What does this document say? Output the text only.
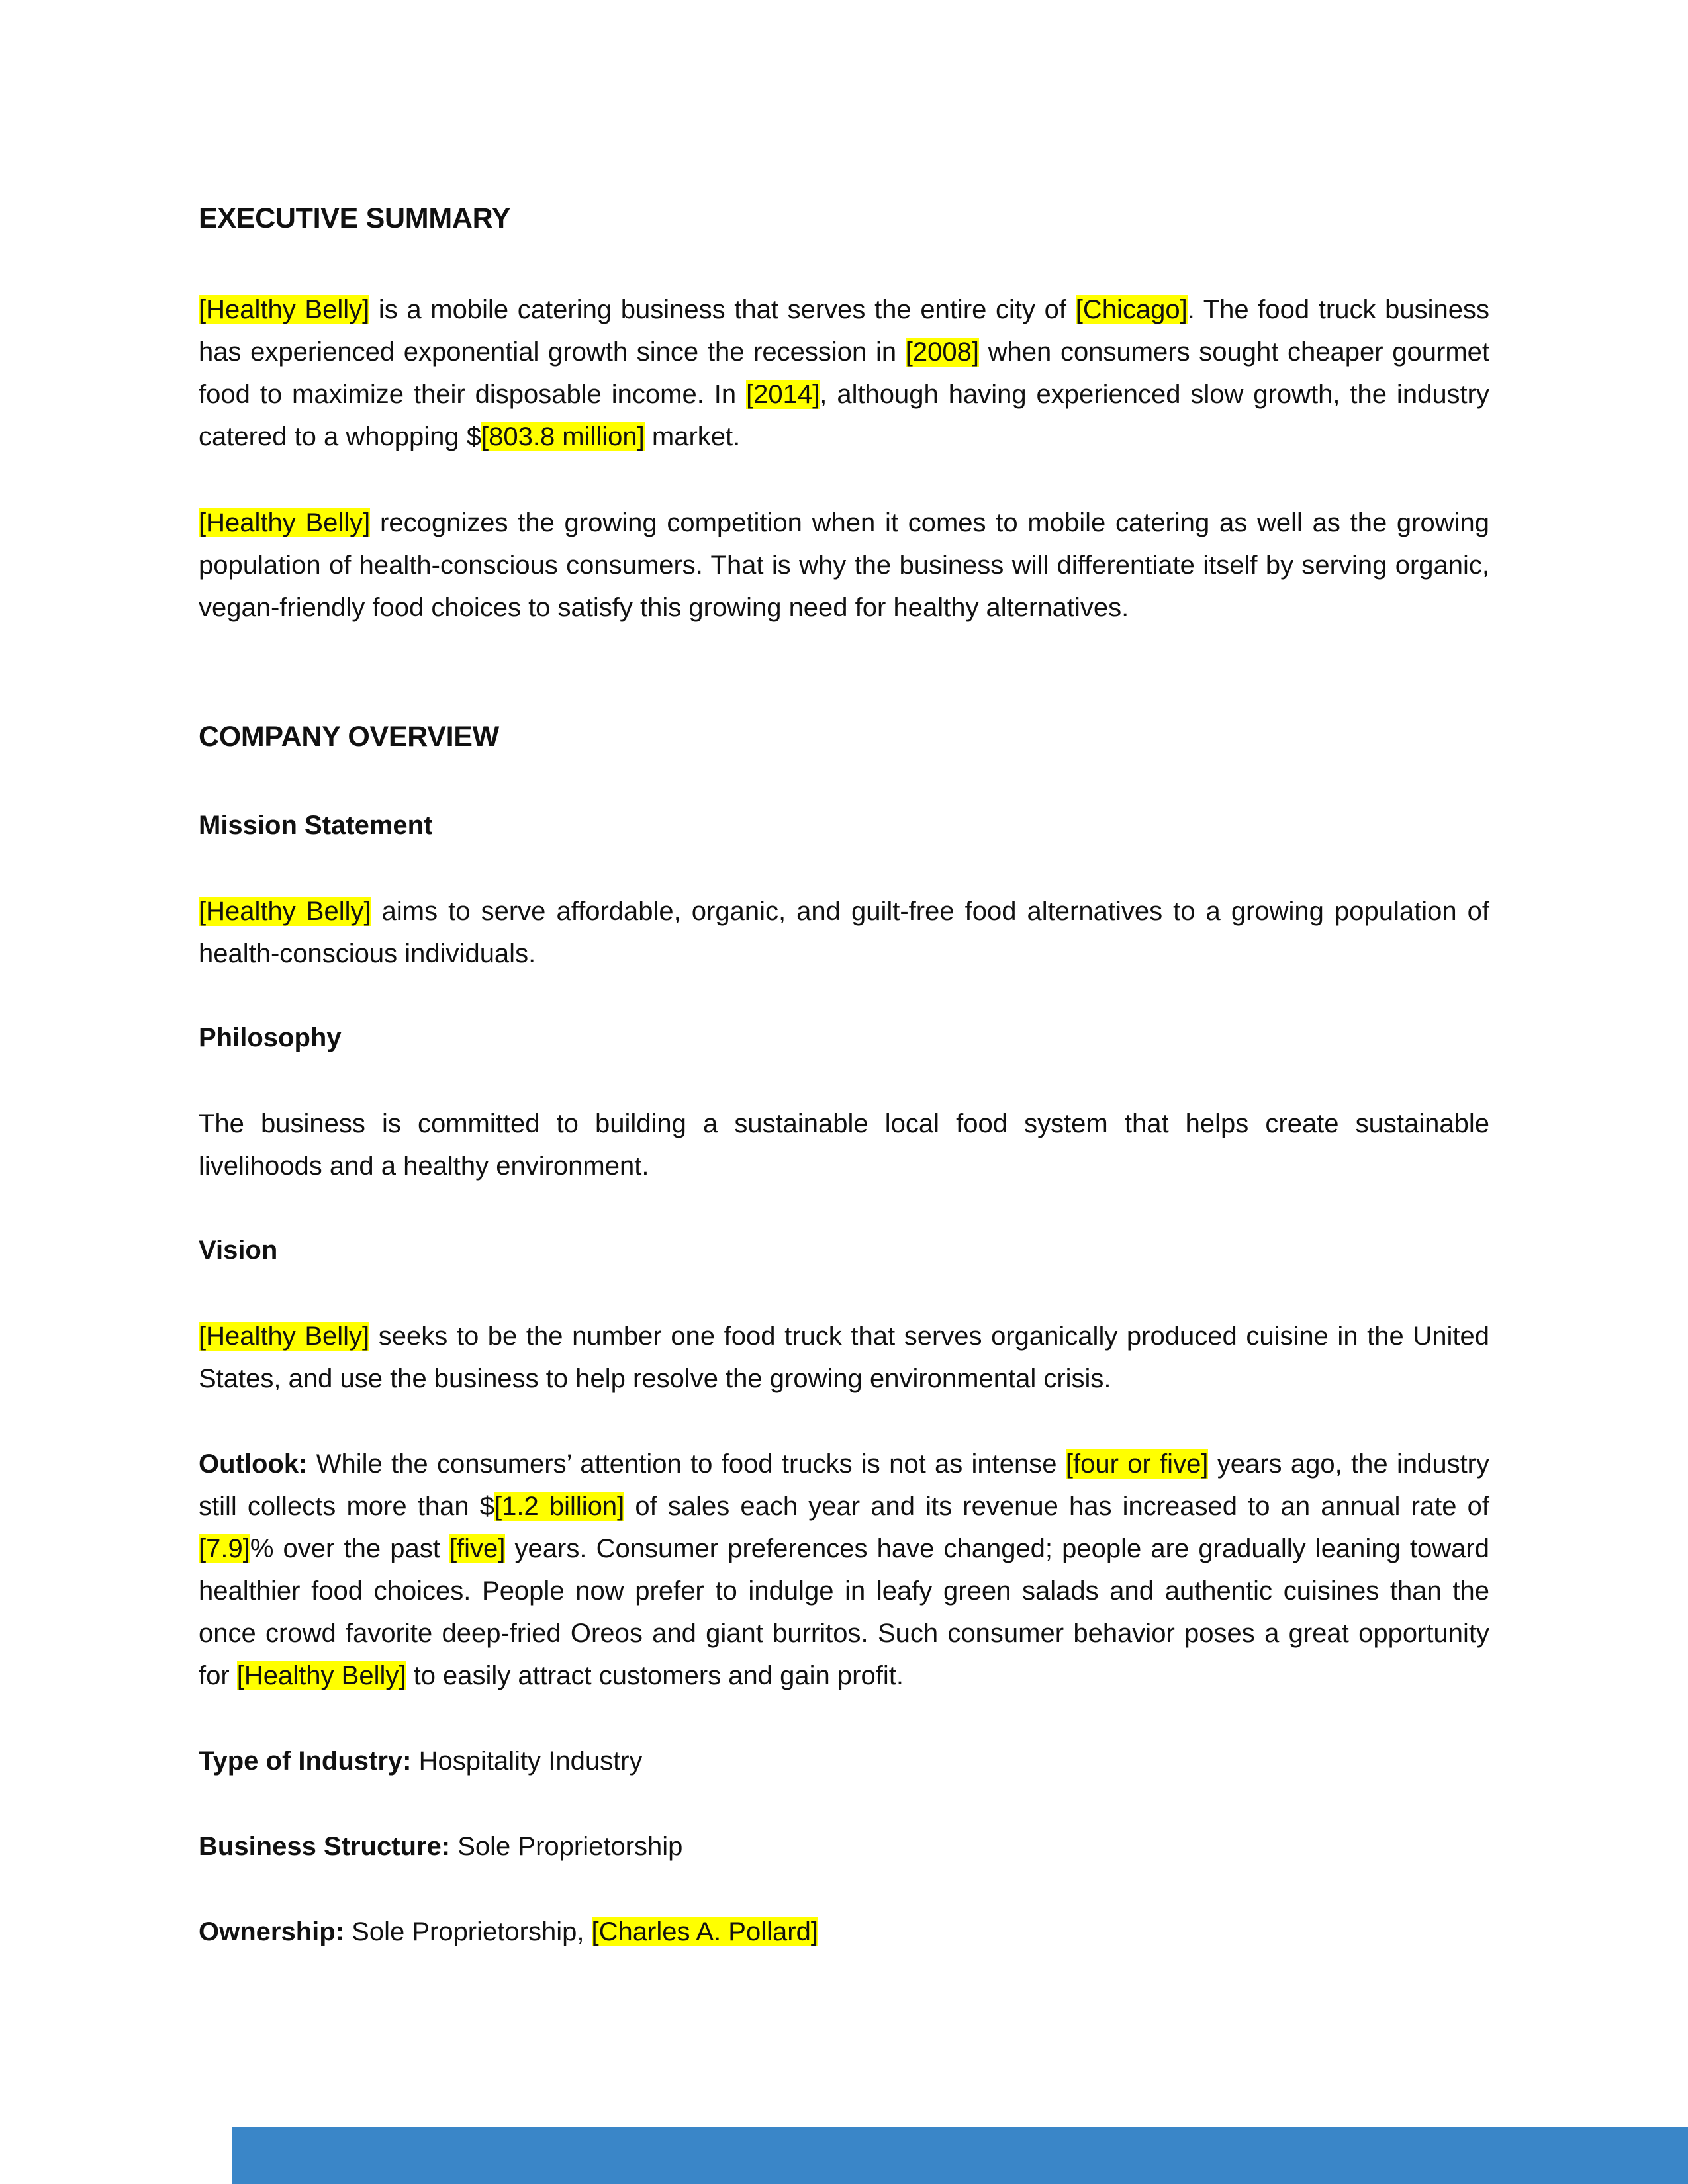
EXECUTIVE SUMMARY

[Healthy Belly] is a mobile catering business that serves the entire city of [Chicago]. The food truck business has experienced exponential growth since the recession in [2008] when consumers sought cheaper gourmet food to maximize their disposable income. In [2014], although having experienced slow growth, the industry catered to a whopping $[803.8 million] market.

[Healthy Belly] recognizes the growing competition when it comes to mobile catering as well as the growing population of health-conscious consumers. That is why the business will differentiate itself by serving organic, vegan-friendly food choices to satisfy this growing need for healthy alternatives.

COMPANY OVERVIEW
Mission Statement

[Healthy Belly] aims to serve affordable, organic, and guilt-free food alternatives to a growing population of health-conscious individuals.

Philosophy

The business is committed to building a sustainable local food system that helps create sustainable livelihoods and a healthy environment.

Vision

[Healthy Belly] seeks to be the number one food truck that serves organically produced cuisine in the United States, and use the business to help resolve the growing environmental crisis.

Outlook: While the consumers’ attention to food trucks is not as intense [four or five] years ago, the industry still collects more than $[1.2 billion] of sales each year and its revenue has increased to an annual rate of [7.9]% over the past [five] years. Consumer preferences have changed; people are gradually leaning toward healthier food choices. People now prefer to indulge in leafy green salads and authentic cuisines than the once crowd favorite deep-fried Oreos and giant burritos. Such consumer behavior poses a great opportunity for [Healthy Belly] to easily attract customers and gain profit.

Type of Industry: Hospitality Industry

Business Structure: Sole Proprietorship

Ownership: Sole Proprietorship, [Charles A. Pollard]
